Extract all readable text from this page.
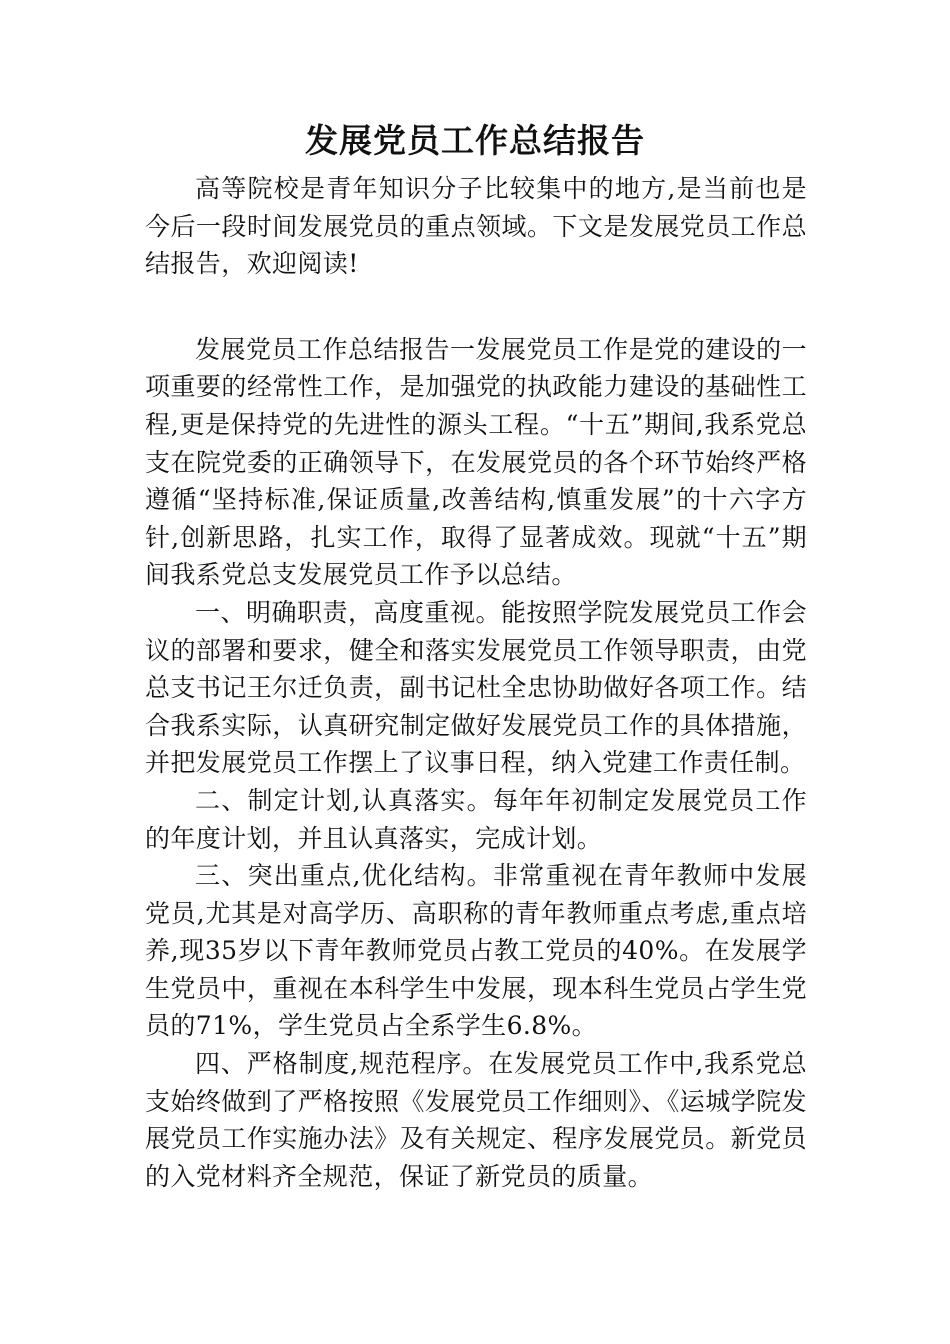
发展党员工作总结报告

高等院校是青年知识分子比较集中的地方,是当前也是今后一段时间发展党员的重点领域。下文是发展党员工作总结报告，欢迎阅读!

发展党员工作总结报告一发展党员工作是党的建设的一项重要的经常性工作，是加强党的执政能力建设的基础性工程,更是保持党的先进性的源头工程。“十五”期间,我系党总支在院党委的正确领导下，在发展党员的各个环节始终严格遵循“坚持标准,保证质量,改善结构,慎重发展”的十六字方针,创新思路，扎实工作，取得了显著成效。现就“十五”期间我系党总支发展党员工作予以总结。

一、明确职责，高度重视。能按照学院发展党员工作会议的部署和要求，健全和落实发展党员工作领导职责，由党总支书记王尔迁负责，副书记杜全忠协助做好各项工作。结合我系实际，认真研究制定做好发展党员工作的具体措施，并把发展党员工作摆上了议事日程，纳入党建工作责任制。

二、制定计划,认真落实。每年年初制定发展党员工作的年度计划，并且认真落实，完成计划。

三、突出重点,优化结构。非常重视在青年教师中发展党员,尤其是对高学历、高职称的青年教师重点考虑,重点培养,现35岁以下青年教师党员占教工党员的40%。在发展学生党员中，重视在本科学生中发展，现本科生党员占学生党员的71%，学生党员占全系学生6.8%。

四、严格制度,规范程序。在发展党员工作中,我系党总支始终做到了严格按照《发展党员工作细则》、《运城学院发展党员工作实施办法》及有关规定、程序发展党员。新党员的入党材料齐全规范，保证了新党员的质量。
